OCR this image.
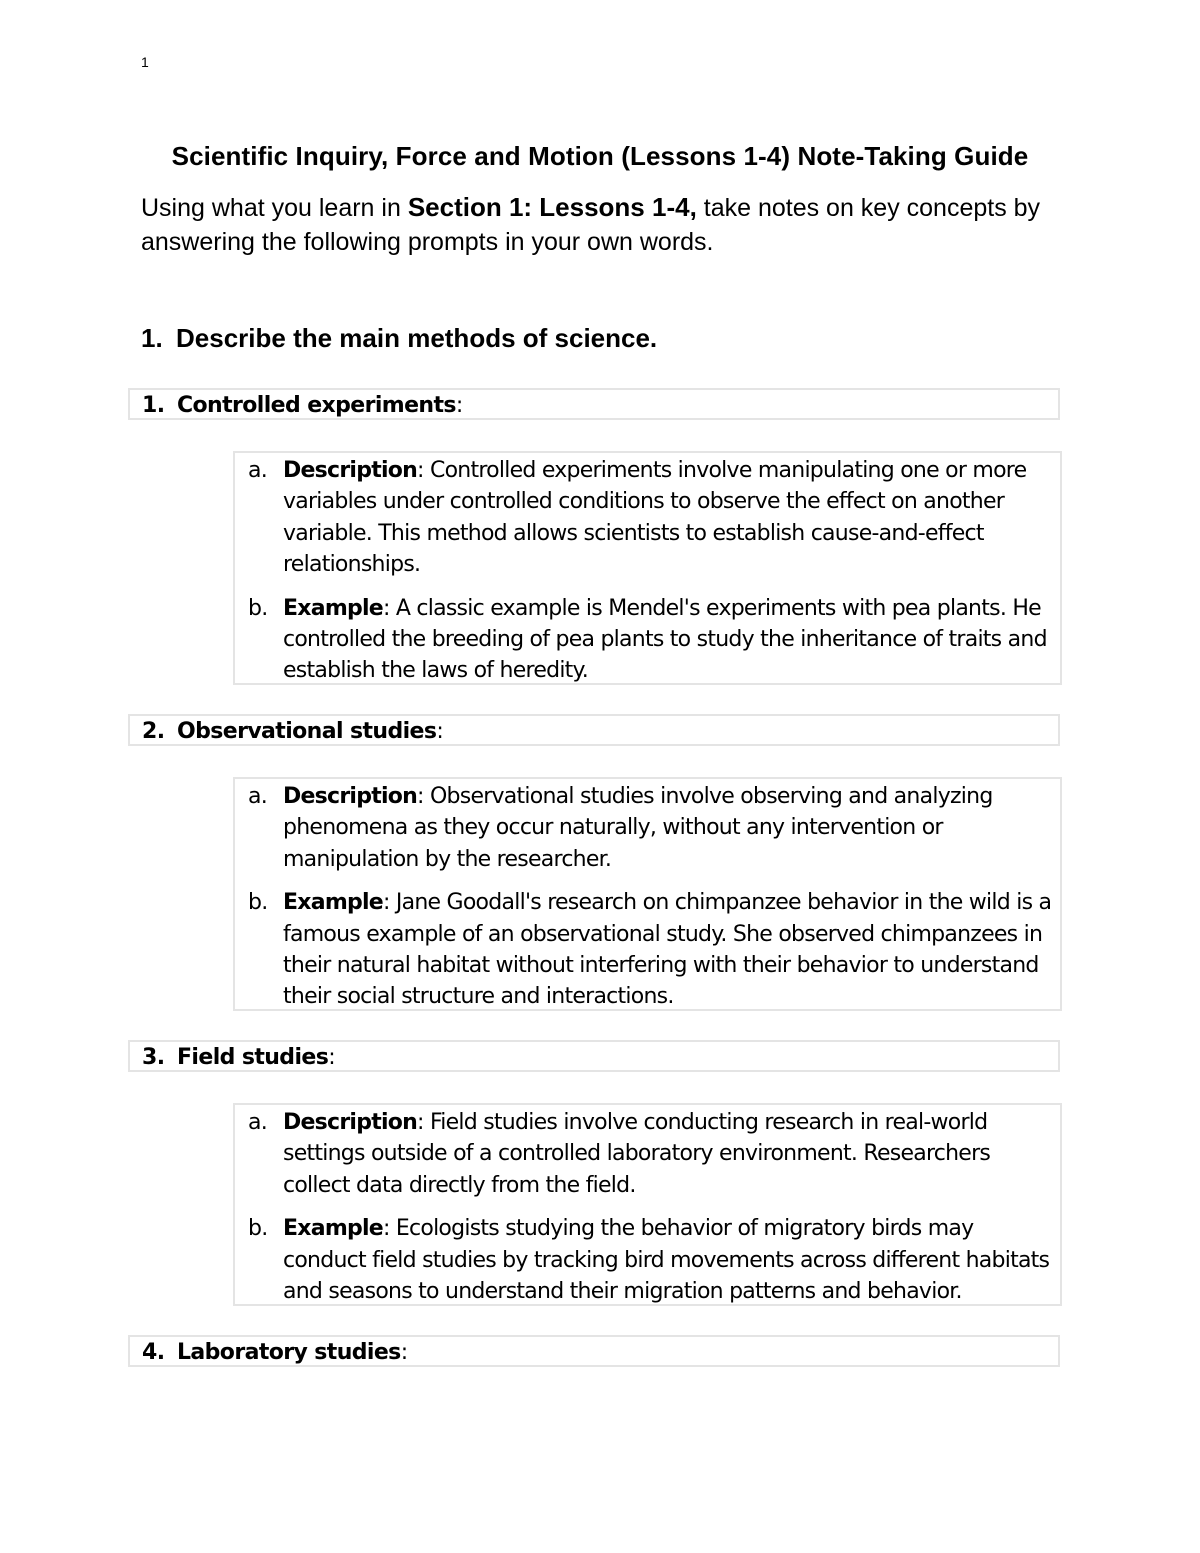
1
Scientific Inquiry, Force and Motion (Lessons 1-4) Note-Taking Guide
Using what you learn in Section 1: Lessons 1-4, take notes on key concepts by answering the following prompts in your own words.
1. Describe the main methods of science.
1. Controlled experiments:
a. Description: Controlled experiments involve manipulating one or more variables under controlled conditions to observe the effect on another variable. This method allows scientists to establish cause-and-effect relationships.
b. Example: A classic example is Mendel's experiments with pea plants. He controlled the breeding of pea plants to study the inheritance of traits and establish the laws of heredity.
2. Observational studies:
a. Description: Observational studies involve observing and analyzing phenomena as they occur naturally, without any intervention or manipulation by the researcher.
b. Example: Jane Goodall's research on chimpanzee behavior in the wild is a famous example of an observational study. She observed chimpanzees in their natural habitat without interfering with their behavior to understand their social structure and interactions.
3. Field studies:
a. Description: Field studies involve conducting research in real-world settings outside of a controlled laboratory environment. Researchers collect data directly from the field.
b. Example: Ecologists studying the behavior of migratory birds may conduct field studies by tracking bird movements across different habitats and seasons to understand their migration patterns and behavior.
4. Laboratory studies:
